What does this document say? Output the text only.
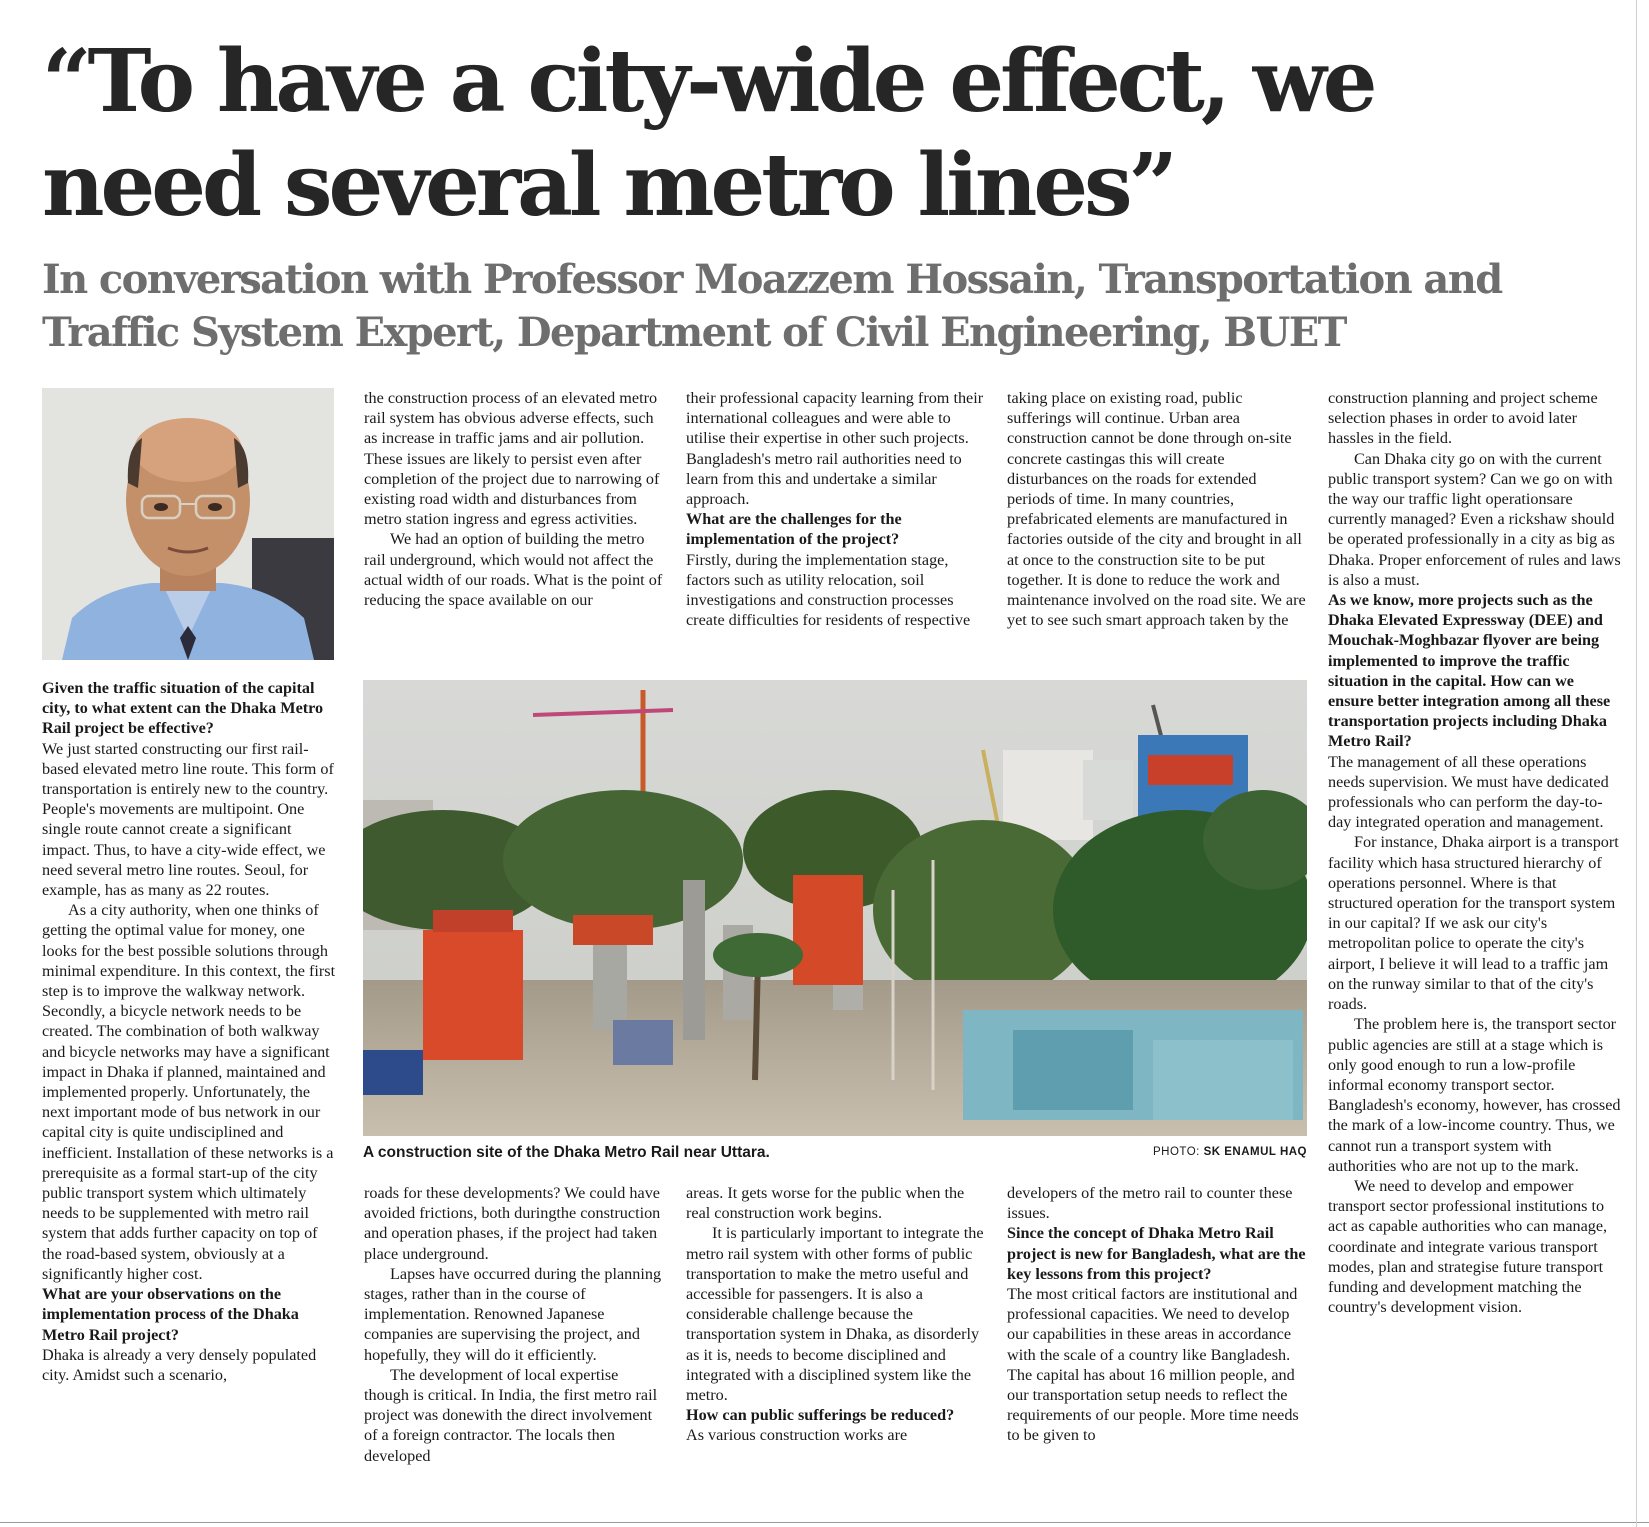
“To have a city-wide effect, we need several metro lines”
In conversation with Professor Moazzem Hossain, Transportation and Traffic System Expert, Department of Civil Engineering, BUET

Given the traffic situation of the capital city, to what extent can the Dhaka Metro Rail project be effective?

We just started constructing our first rail-based elevated metro line route. This form of transportation is entirely new to the country. People's movements are multipoint. One single route cannot create a significant impact. Thus, to have a city-wide effect, we need several metro line routes. Seoul, for example, has as many as 22 routes.

As a city authority, when one thinks of getting the optimal value for money, one looks for the best possible solutions through minimal expenditure. In this context, the first step is to improve the walkway network. Secondly, a bicycle network needs to be created. The combination of both walkway and bicycle networks may have a significant impact in Dhaka if planned, maintained and implemented properly. Unfortunately, the next important mode of bus network in our capital city is quite undisciplined and inefficient. Installation of these networks is a prerequisite as a formal start-up of the city public transport system which ultimately needs to be supplemented with metro rail system that adds further capacity on top of the road-based system, obviously at a significantly higher cost.

What are your observations on the implementation process of the Dhaka Metro Rail project?

Dhaka is already a very densely populated city. Amidst such a scenario,

the construction process of an elevated metro rail system has obvious adverse effects, such as increase in traffic jams and air pollution. These issues are likely to persist even after completion of the project due to narrowing of existing road width and disturbances from metro station ingress and egress activities.

We had an option of building the metro rail underground, which would not affect the actual width of our roads. What is the point of reducing the space available on our

their professional capacity learning from their international colleagues and were able to utilise their expertise in other such projects. Bangladesh's metro rail authorities need to learn from this and undertake a similar approach.

What are the challenges for the implementation of the project?

Firstly, during the implementation stage, factors such as utility relocation, soil investigations and construction processes create difficulties for residents of respective

taking place on existing road, public sufferings will continue. Urban area construction cannot be done through on-site concrete castingas this will create disturbances on the roads for extended periods of time. In many countries, prefabricated elements are manufactured in factories outside of the city and brought in all at once to the construction site to be put together. It is done to reduce the work and maintenance involved on the road site. We are yet to see such smart approach taken by the

construction planning and project scheme selection phases in order to avoid later hassles in the field.

Can Dhaka city go on with the current public transport system? Can we go on with the way our traffic light operationsare currently managed? Even a rickshaw should be operated professionally in a city as big as Dhaka. Proper enforcement of rules and laws is also a must.

As we know, more projects such as the Dhaka Elevated Expressway (DEE) and Mouchak-Moghbazar flyover are being implemented to improve the traffic situation in the capital. How can we ensure better integration among all these transportation projects including Dhaka Metro Rail?

The management of all these operations needs supervision. We must have dedicated professionals who can perform the day-to-day integrated operation and management.

For instance, Dhaka airport is a transport facility which hasa structured hierarchy of operations personnel. Where is that structured operation for the transport system in our capital? If we ask our city's metropolitan police to operate the city's airport, I believe it will lead to a traffic jam on the runway similar to that of the city's roads.

The problem here is, the transport sector public agencies are still at a stage which is only good enough to run a low-profile informal economy transport sector. Bangladesh's economy, however, has crossed the mark of a low-income country. Thus, we cannot run a transport system with authorities who are not up to the mark.

We need to develop and empower transport sector professional institutions to act as capable authorities who can manage, coordinate and integrate various transport modes, plan and strategise future transport funding and development matching the country's development vision.

A construction site of the Dhaka Metro Rail near Uttara.	PHOTO: SK ENAMUL HAQ

roads for these developments? We could have avoided frictions, both duringthe construction and operation phases, if the project had taken place underground.

Lapses have occurred during the planning stages, rather than in the course of implementation. Renowned Japanese companies are supervising the project, and hopefully, they will do it efficiently.

The development of local expertise though is critical. In India, the first metro rail project was donewith the direct involvement of a foreign contractor. The locals then developed

areas. It gets worse for the public when the real construction work begins.

It is particularly important to integrate the metro rail system with other forms of public transportation to make the metro useful and accessible for passengers. It is also a considerable challenge because the transportation system in Dhaka, as disorderly as it is, needs to become disciplined and integrated with a disciplined system like the metro.

How can public sufferings be reduced?

As various construction works are

developers of the metro rail to counter these issues.

Since the concept of Dhaka Metro Rail project is new for Bangladesh, what are the key lessons from this project?

The most critical factors are institutional and professional capacities. We need to develop our capabilities in these areas in accordance with the scale of a country like Bangladesh. The capital has about 16 million people, and our transportation setup needs to reflect the requirements of our people. More time needs to be given to
